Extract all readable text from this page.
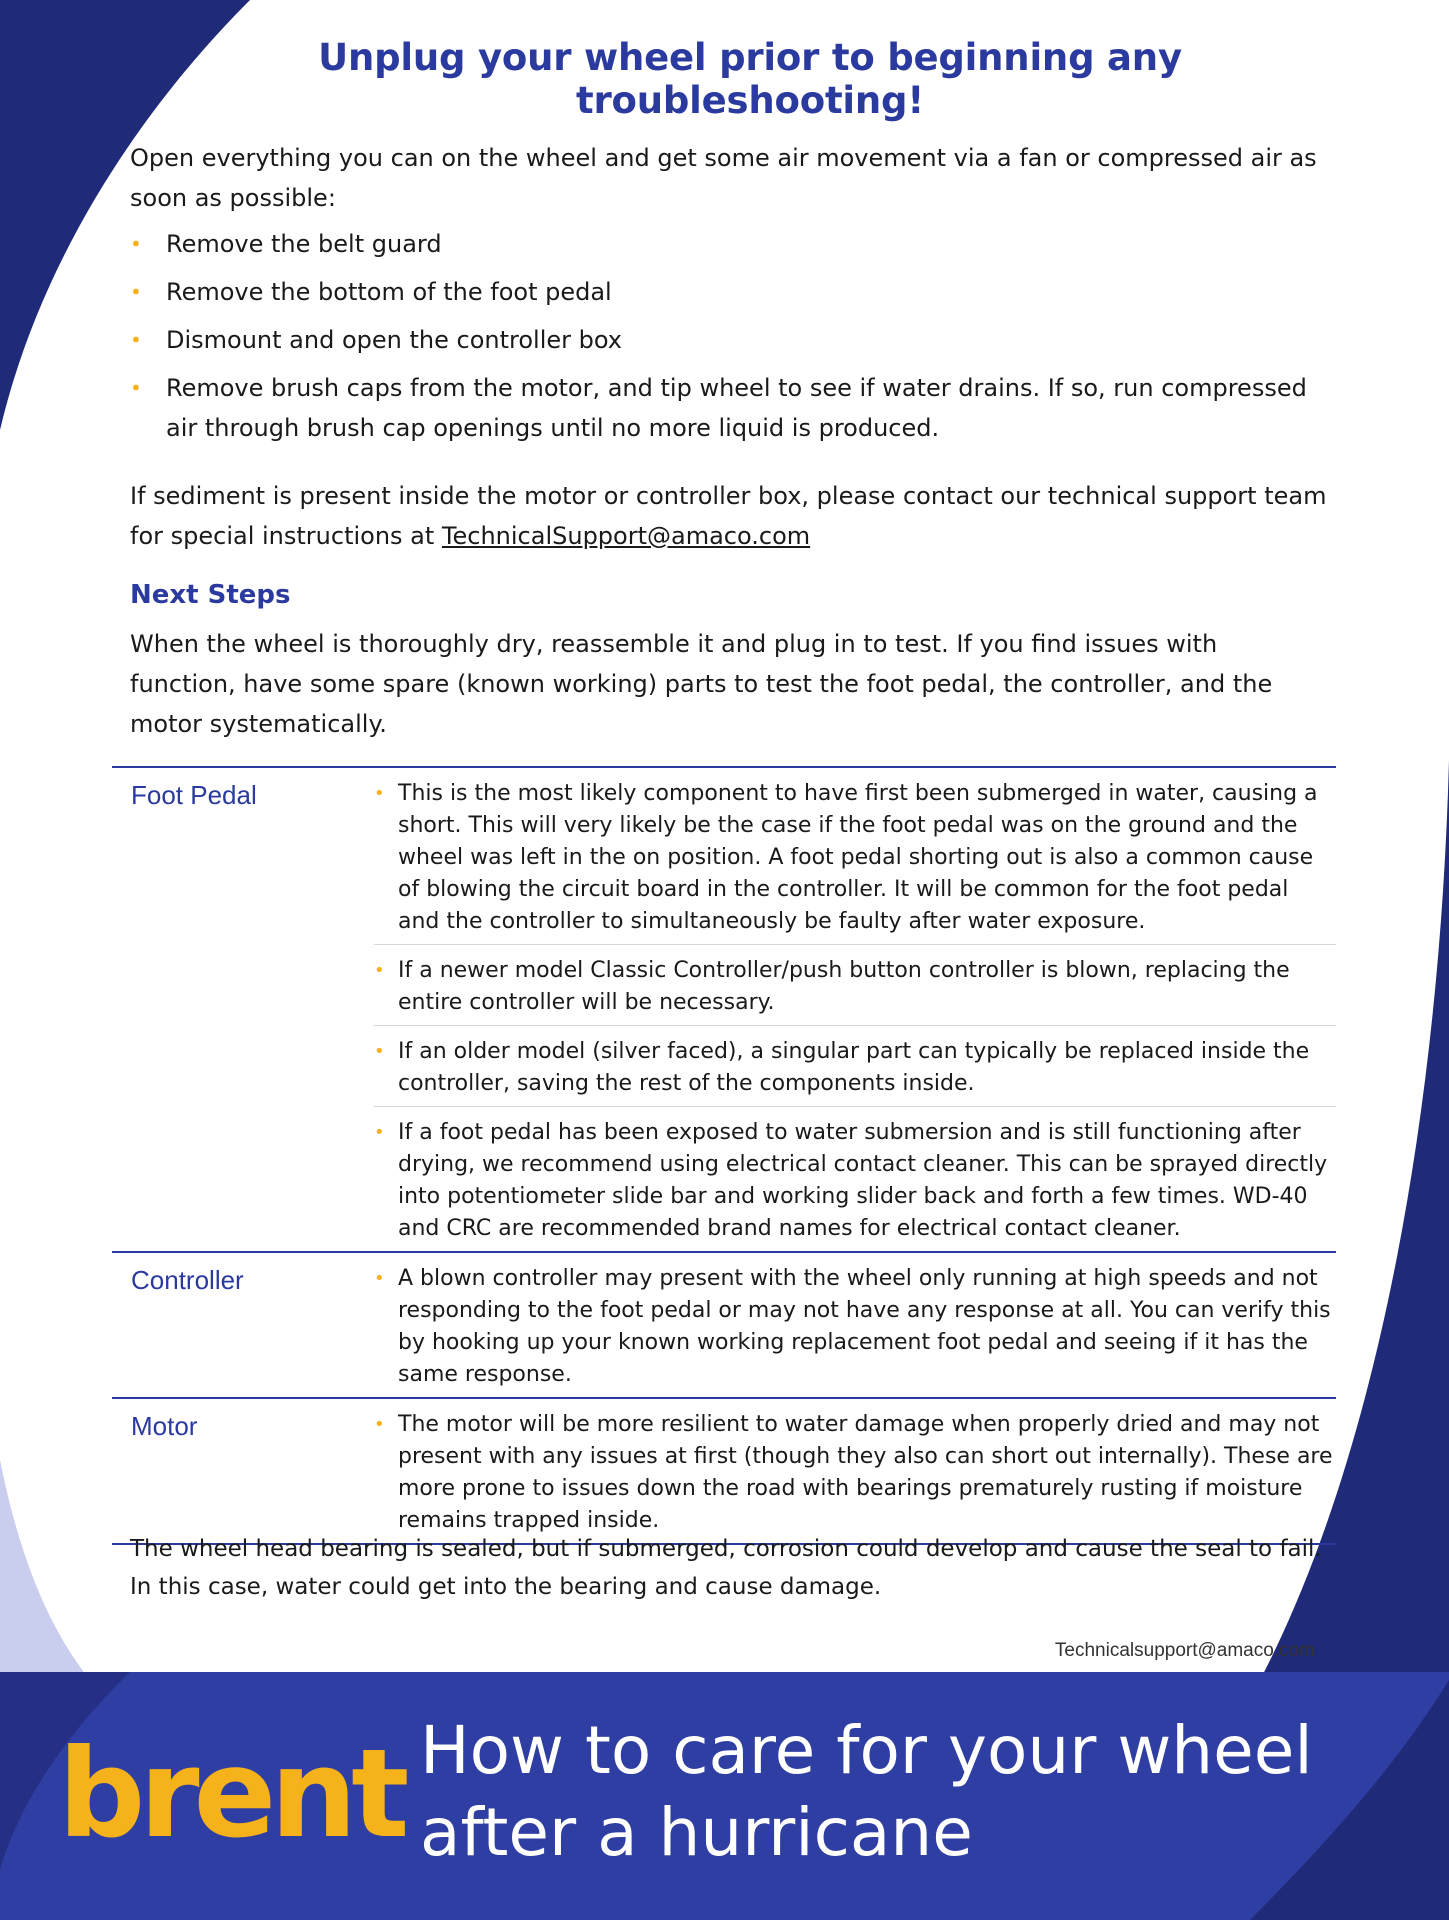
Unplug your wheel prior to beginning any troubleshooting!
Open everything you can on the wheel and get some air movement via a fan or compressed air as soon as possible:
• Remove the belt guard
• Remove the bottom of the foot pedal
• Dismount and open the controller box
• Remove brush caps from the motor, and tip wheel to see if water drains. If so, run compressed air through brush cap openings until no more liquid is produced.
If sediment is present inside the motor or controller box, please contact our technical support team for special instructions at TechnicalSupport@amaco.com
Next Steps
When the wheel is thoroughly dry, reassemble it and plug in to test. If you find issues with function, have some spare (known working) parts to test the foot pedal, the controller, and the motor systematically.
Foot Pedal	• This is the most likely component to have first been submerged in water, causing a short. This will very likely be the case if the foot pedal was on the ground and the wheel was left in the on position. A foot pedal shorting out is also a common cause of blowing the circuit board in the controller. It will be common for the foot pedal and the controller to simultaneously be faulty after water exposure.
• If a newer model Classic Controller/push button controller is blown, replacing the entire controller will be necessary.
• If an older model (silver faced), a singular part can typically be replaced inside the controller, saving the rest of the components inside.
• If a foot pedal has been exposed to water submersion and is still functioning after drying, we recommend using electrical contact cleaner. This can be sprayed directly into potentiometer slide bar and working slider back and forth a few times. WD-40 and CRC are recommended brand names for electrical contact cleaner.
Controller	• A blown controller may present with the wheel only running at high speeds and not responding to the foot pedal or may not have any response at all. You can verify this by hooking up your known working replacement foot pedal and seeing if it has the same response.
Motor	• The motor will be more resilient to water damage when properly dried and may not present with any issues at first (though they also can short out internally). These are more prone to issues down the road with bearings prematurely rusting if moisture remains trapped inside.
The wheel head bearing is sealed, but if submerged, corrosion could develop and cause the seal to fail. In this case, water could get into the bearing and cause damage.
Technicalsupport@amaco.com
brent How to care for your wheel
after a hurricane
